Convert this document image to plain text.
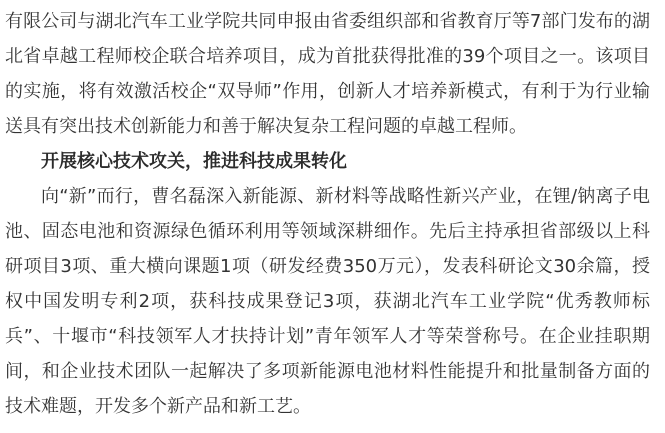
有限公司与湖北汽车工业学院共同申报由省委组织部和省教育厅等7部门发布的湖北省卓越工程师校企联合培养项目，成为首批获得批准的39个项目之一。该项目的实施，将有效激活校企“双导师”作用，创新人才培养新模式，有利于为行业输送具有突出技术创新能力和善于解决复杂工程问题的卓越工程师。

开展核心技术攻关，推进科技成果转化

向“新”而行，曹名磊深入新能源、新材料等战略性新兴产业，在锂/钠离子电池、固态电池和资源绿色循环利用等领域深耕细作。先后主持承担省部级以上科研项目3项、重大横向课题1项（研发经费350万元），发表科研论文30余篇，授权中国发明专利2项，获科技成果登记3项，获湖北汽车工业学院“优秀教师标兵”、十堰市“科技领军人才扶持计划”青年领军人才等荣誉称号。在企业挂职期间，和企业技术团队一起解决了多项新能源电池材料性能提升和批量制备方面的技术难题，开发多个新产品和新工艺。
